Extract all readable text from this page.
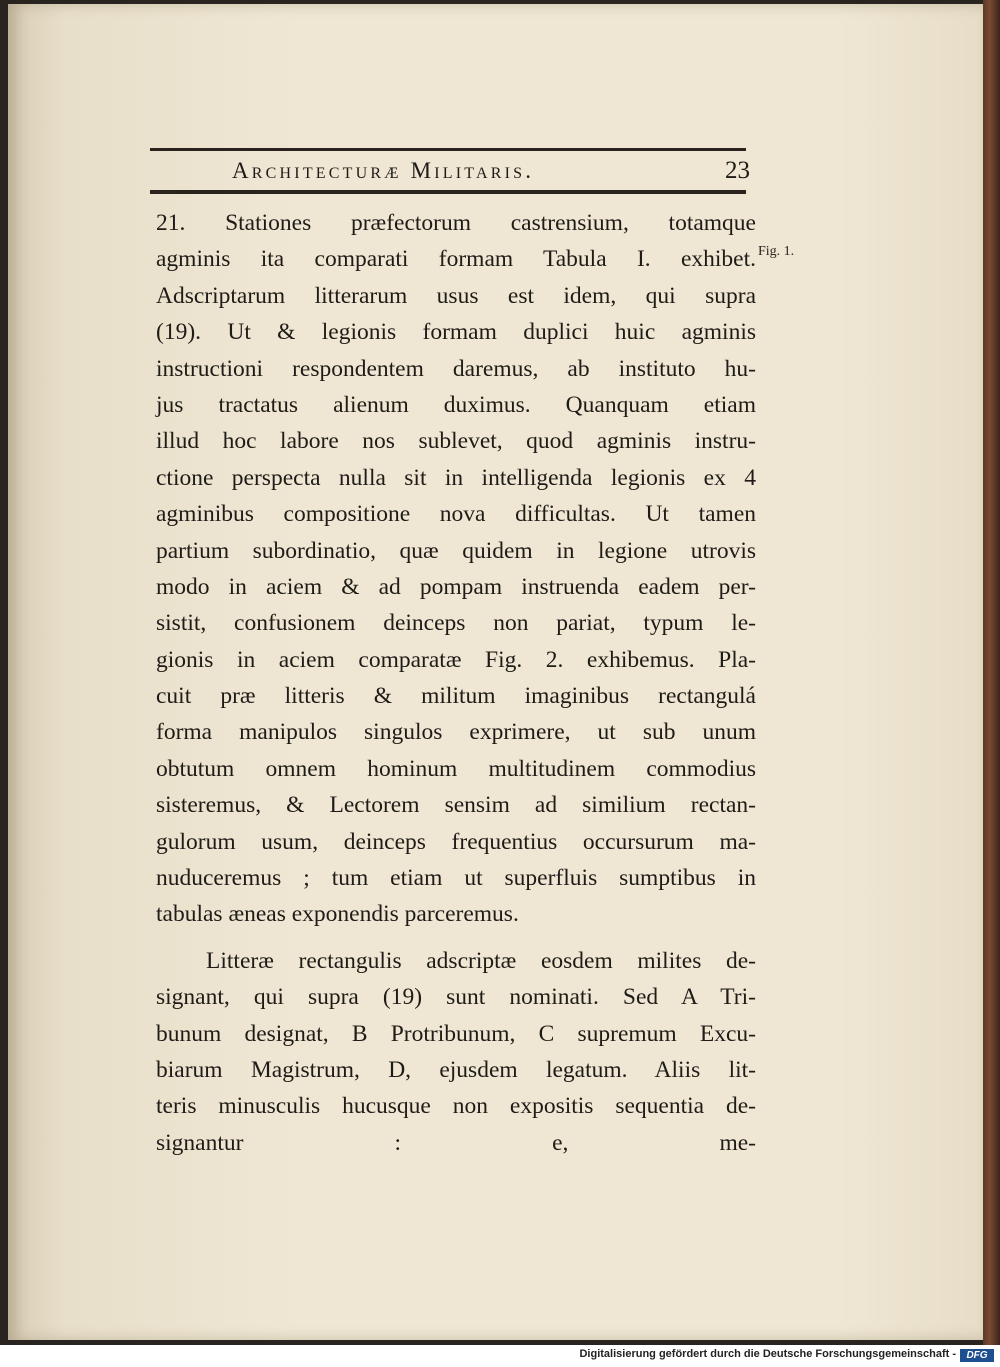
Architecturæ Militaris.	23
Fig. 1.
21. Stationes præfectorum castrensium, totamque
agminis ita comparati formam Tabula I. exhibet.
Adscriptarum litterarum usus est idem, qui supra
(19). Ut & legionis formam duplici huic agminis
instructioni respondentem daremus, ab instituto hu-
jus tractatus alienum duximus. Quanquam etiam
illud hoc labore nos sublevet, quod agminis instru-
ctione perspecta nulla sit in intelligenda legionis ex 4
agminibus compositione nova difficultas. Ut tamen
partium subordinatio, quæ quidem in legione utrovis
modo in aciem & ad pompam instruenda eadem per-
sistit, confusionem deinceps non pariat, typum le-
gionis in aciem comparatæ Fig. 2. exhibemus. Pla-
cuit præ litteris & militum imaginibus rectangulá
forma manipulos singulos exprimere, ut sub unum
obtutum omnem hominum multitudinem commodius
sisteremus, & Lectorem sensim ad similium rectan-
gulorum usum, deinceps frequentius occursurum ma-
nuduceremus ; tum etiam ut superfluis sumptibus in
tabulas æneas exponendis parceremus.
Litteræ rectangulis adscriptæ eosdem milites de-
signant, qui supra (19) sunt nominati. Sed A Tri-
bunum designat, B Protribunum, C supremum Excu-
biarum Magistrum, D, ejusdem legatum. Aliis lit-
teris minusculis hucusque non expositis sequentia de-
signantur : e, me-
Digitalisierung gefördert durch die Deutsche Forschungsgemeinschaft -	DFG
